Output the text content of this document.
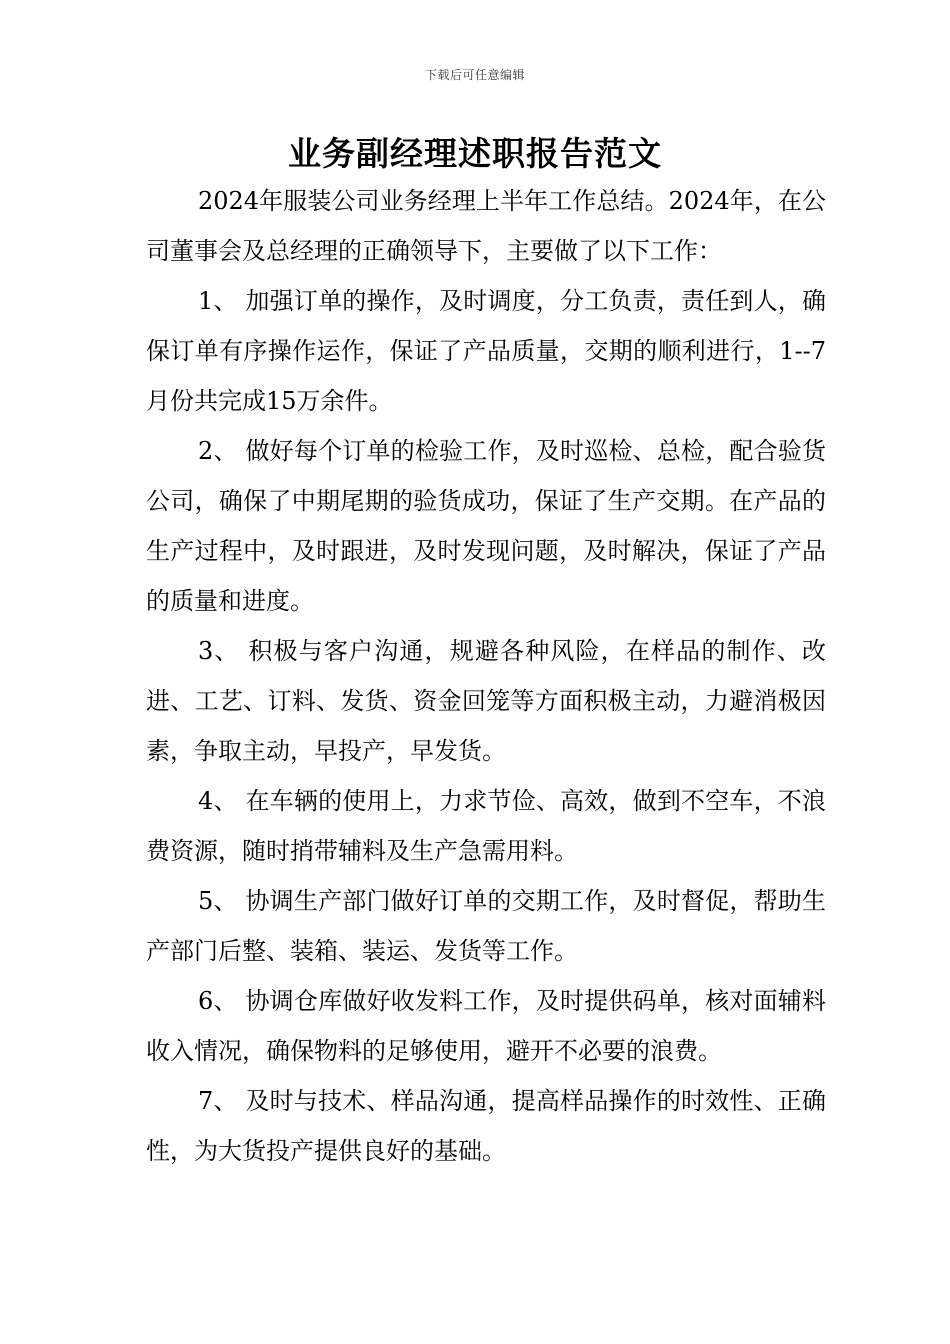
下载后可任意编辑
业务副经理述职报告范文

2024年服装公司业务经理上半年工作总结。2024年，在公司董事会及总经理的正确领导下，主要做了以下工作：

1、 加强订单的操作，及时调度，分工负责，责任到人，确保订单有序操作运作，保证了产品质量，交期的顺利进行，1--7月份共完成15万余件。

2、 做好每个订单的检验工作，及时巡检、总检，配合验货公司，确保了中期尾期的验货成功，保证了生产交期。在产品的生产过程中，及时跟进，及时发现问题，及时解决，保证了产品的质量和进度。

3、 积极与客户沟通，规避各种风险，在样品的制作、改进、工艺、订料、发货、资金回笼等方面积极主动，力避消极因素，争取主动，早投产，早发货。

4、 在车辆的使用上，力求节俭、高效，做到不空车，不浪费资源，随时捎带辅料及生产急需用料。

5、 协调生产部门做好订单的交期工作，及时督促，帮助生产部门后整、装箱、装运、发货等工作。

6、 协调仓库做好收发料工作，及时提供码单，核对面辅料收入情况，确保物料的足够使用，避开不必要的浪费。

7、 及时与技术、样品沟通，提高样品操作的时效性、正确性，为大货投产提供良好的基础。
